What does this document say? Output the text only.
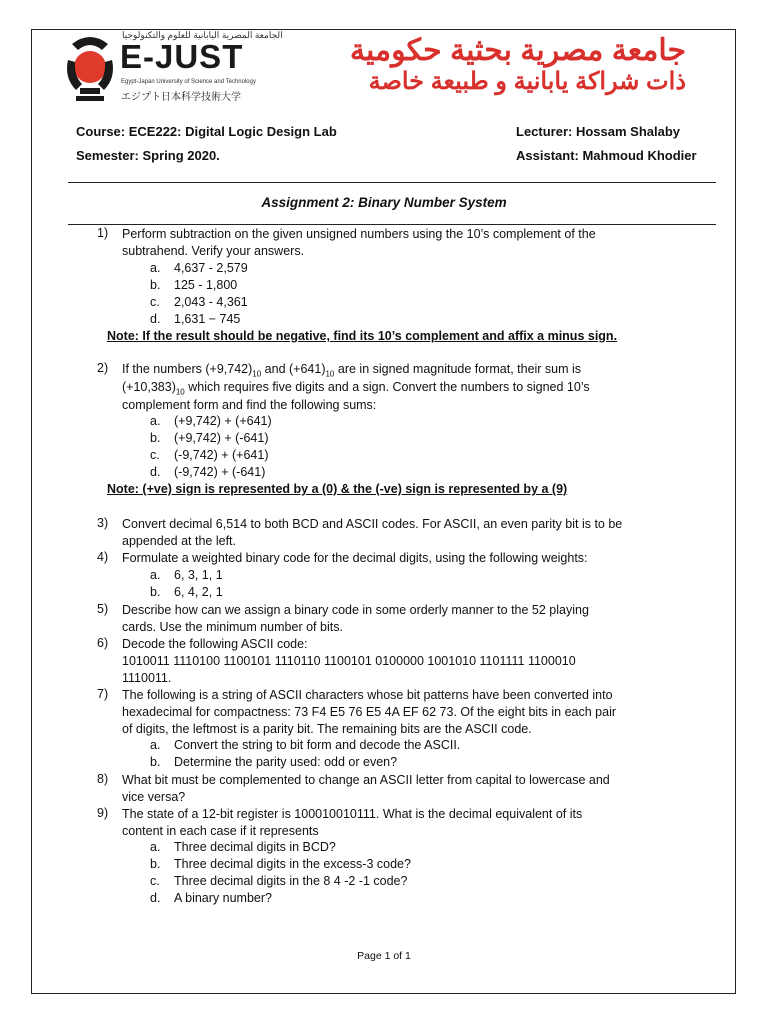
الجامعة المصرية اليابانية للعلوم والتكنولوجيا
E-JUST
Egypt-Japan University of Science and Technology
エジプト日本科学技術大学
جامعة مصرية بحثية حكومية
ذات شراكة يابانية و طبيعة خاصة
Course: ECE222: Digital Logic Design Lab
Semester: Spring 2020.
Lecturer: Hossam Shalaby
Assistant: Mahmoud Khodier
Assignment 2: Binary Number System
1) Perform subtraction on the given unsigned numbers using the 10’s complement of the
subtrahend. Verify your answers.
a. 4,637 - 2,579
b. 125 - 1,800
c. 2,043 - 4,361
d. 1,631 − 745
Note: If the result should be negative, find its 10’s complement and affix a minus sign.
2) If the numbers $(+9,742)_{10}$ and $(+641)_{10}$ are in signed magnitude format, their sum is
$(+10,383)_{10}$ which requires five digits and a sign. Convert the numbers to signed 10’s
complement form and find the following sums:
a. (+9,742) + (+641)
b. (+9,742) + (-641)
c. (-9,742) + (+641)
d. (-9,742) + (-641)
Note: (+ve) sign is represented by a (0) & the (-ve) sign is represented by a (9)
3) Convert decimal 6,514 to both BCD and ASCII codes. For ASCII, an even parity bit is to be
appended at the left.
4) Formulate a weighted binary code for the decimal digits, using the following weights:
a. 6, 3, 1, 1
b. 6, 4, 2, 1
5) Describe how can we assign a binary code in some orderly manner to the 52 playing
cards. Use the minimum number of bits.
6) Decode the following ASCII code:
1010011 1110100 1100101 1110110 1100101 0100000 1001010 1101111 1100010
1110011.
7) The following is a string of ASCII characters whose bit patterns have been converted into
hexadecimal for compactness: 73 F4 E5 76 E5 4A EF 62 73. Of the eight bits in each pair
of digits, the leftmost is a parity bit. The remaining bits are the ASCII code.
a. Convert the string to bit form and decode the ASCII.
b. Determine the parity used: odd or even?
8) What bit must be complemented to change an ASCII letter from capital to lowercase and
vice versa?
9) The state of a 12-bit register is 100010010111. What is the decimal equivalent of its
content in each case if it represents
a. Three decimal digits in BCD?
b. Three decimal digits in the excess-3 code?
c. Three decimal digits in the 8 4 -2 -1 code?
d. A binary number?
Page 1 of 1
